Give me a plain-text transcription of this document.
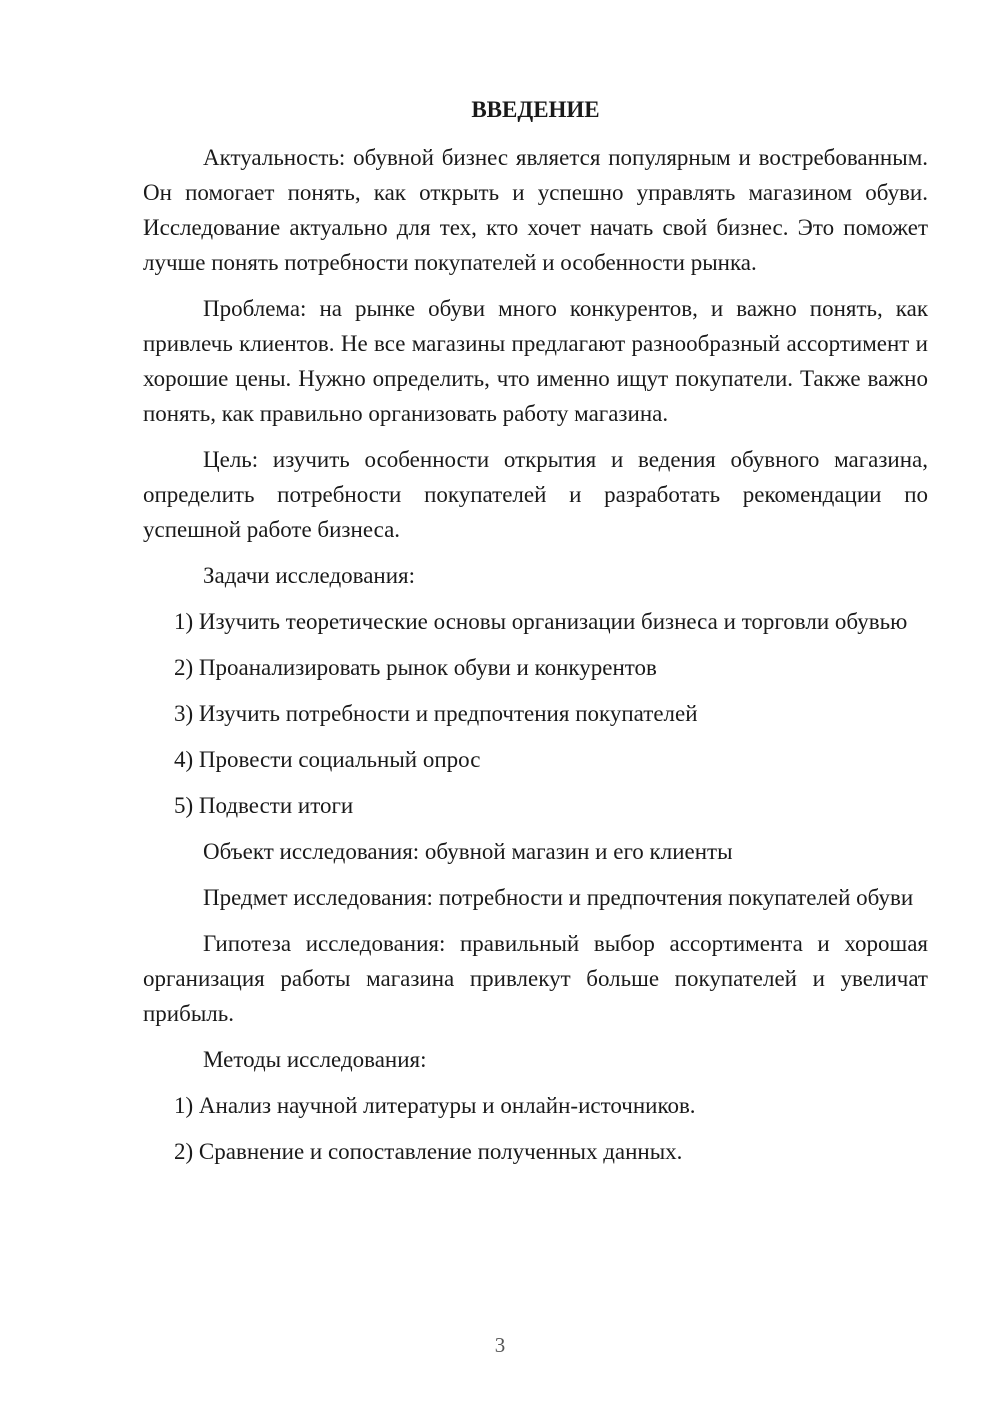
ВВЕДЕНИЕ

Актуальность: обувной бизнес является популярным и востребованным. Он помогает понять, как открыть и успешно управлять магазином обуви. Исследование актуально для тех, кто хочет начать свой бизнес. Это поможет лучше понять потребности покупателей и особенности рынка.

Проблема: на рынке обуви много конкурентов, и важно понять, как привлечь клиентов. Не все магазины предлагают разнообразный ассортимент и хорошие цены. Нужно определить, что именно ищут покупатели. Также важно понять, как правильно организовать работу магазина.

Цель: изучить особенности открытия и ведения обувного магазина, определить потребности покупателей и разработать рекомендации по успешной работе бизнеса.

Задачи исследования:

1) Изучить теоретические основы организации бизнеса и торговли обувью

2) Проанализировать рынок обуви и конкурентов

3) Изучить потребности и предпочтения покупателей

4) Провести социальный опрос

5) Подвести итоги

Объект исследования: обувной магазин и его клиенты

Предмет исследования: потребности и предпочтения покупателей обуви

Гипотеза исследования: правильный выбор ассортимента и хорошая организация работы магазина привлекут больше покупателей и увеличат прибыль.

Методы исследования:

1) Анализ научной литературы и онлайн-источников.

2) Сравнение и сопоставление полученных данных.

3
